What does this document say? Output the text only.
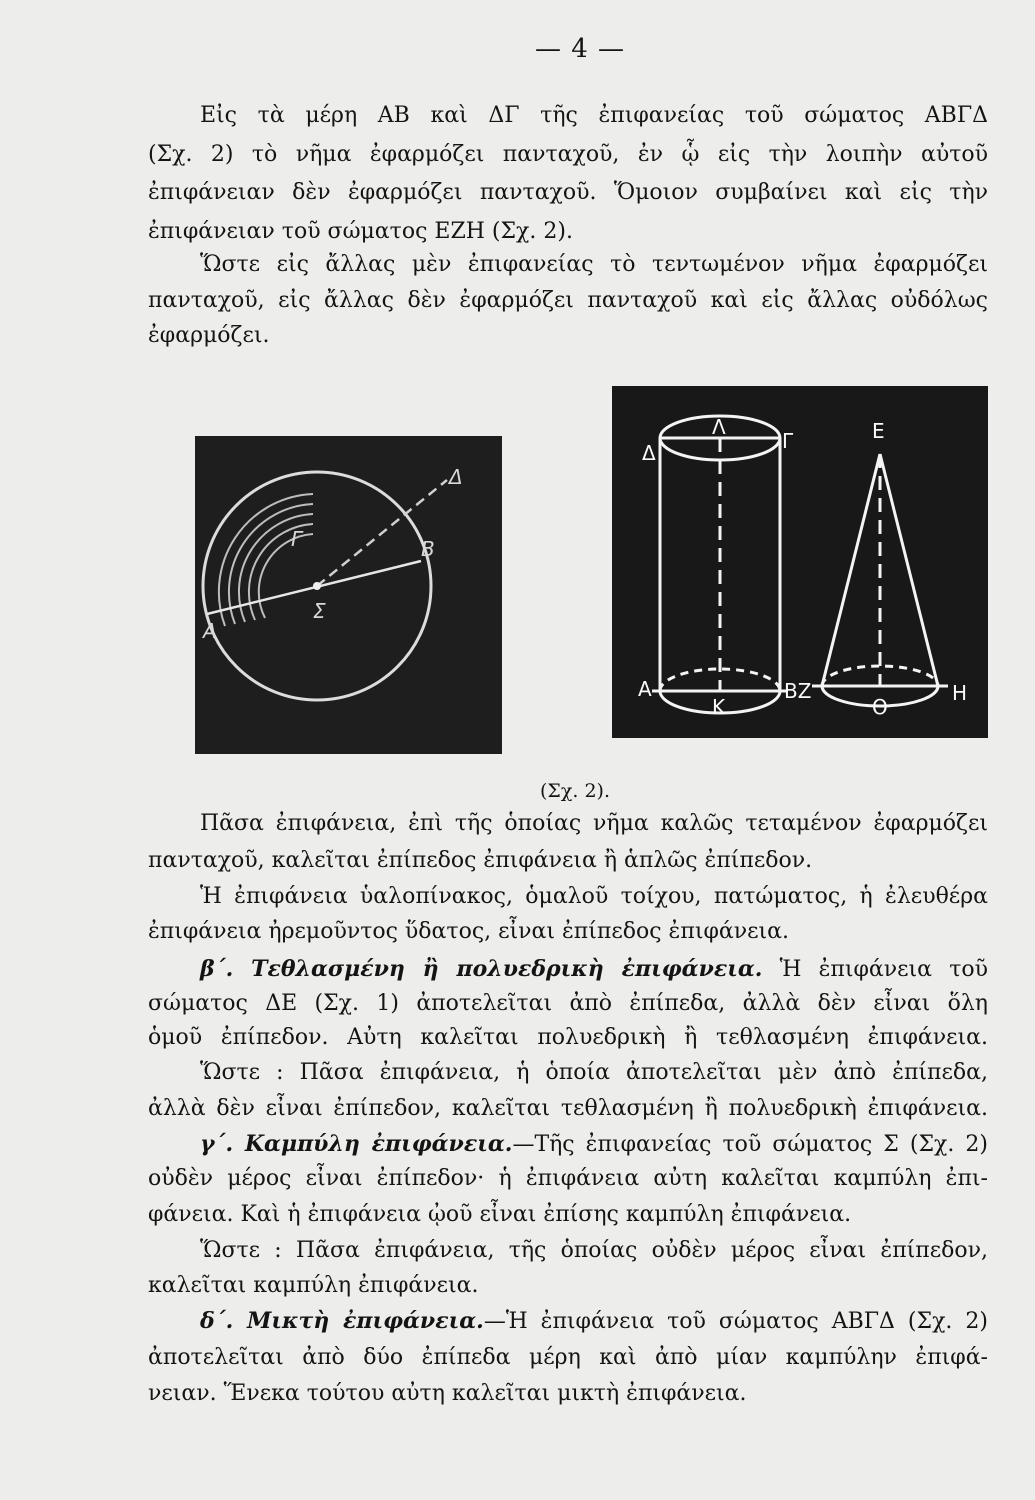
— 4 —
Εἰς τὰ μέρη ΑΒ καὶ ΔΓ τῆς ἐπιφανείας τοῦ σώματος ΑΒΓΔ
(Σχ. 2) τὸ νῆμα ἐφαρμόζει πανταχοῦ, ἐν ᾧ εἰς τὴν λοιπὴν αὐτοῦ
ἐπιφάνειαν δὲν ἐφαρμόζει πανταχοῦ. Ὅμοιον συμβαίνει καὶ εἰς τὴν
ἐπιφάνειαν τοῦ σώματος ΕΖΗ (Σχ. 2).
Ὥστε εἰς ἄλλας μὲν ἐπιφανείας τὸ τεντωμένον νῆμα ἐφαρμόζει
πανταχοῦ, εἰς ἄλλας δὲν ἐφαρμόζει πανταχοῦ καὶ εἰς ἄλλας οὐδόλως
ἐφαρμόζει.
Α
Β
Γ
Δ
Σ
Δ
Λ
Γ	Ε
Α
Κ
ΒΖ
Ο
Η
(Σχ. 2).
Πᾶσα ἐπιφάνεια, ἐπὶ τῆς ὁποίας νῆμα καλῶς τεταμένον ἐφαρμόζει
πανταχοῦ, καλεῖται ἐπίπεδος ἐπιφάνεια ἢ ἁπλῶς ἐπίπεδον.
Ἡ ἐπιφάνεια ὑαλοπίνακος, ὁμαλοῦ τοίχου, πατώματος, ἡ ἐλευθέρα
ἐπιφάνεια ἠρεμοῦντος ὕδατος, εἶναι ἐπίπεδος ἐπιφάνεια.
β΄. Τεθλασμένη ἢ πολυεδρικὴ ἐπιφάνεια. Ἡ ἐπιφάνεια τοῦ
σώματος ΔΕ (Σχ. 1) ἀποτελεῖται ἀπὸ ἐπίπεδα, ἀλλὰ δὲν εἶναι ὅλη
ὁμοῦ ἐπίπεδον. Αὐτη καλεῖται πολυεδρικὴ ἢ τεθλασμένη ἐπιφάνεια.
Ὥστε : Πᾶσα ἐπιφάνεια, ἡ ὁποία ἀποτελεῖται μὲν ἀπὸ ἐπίπεδα,
ἀλλὰ δὲν εἶναι ἐπίπεδον, καλεῖται τεθλασμένη ἢ πολυεδρικὴ ἐπιφάνεια.
γ΄. Καμπύλη ἐπιφάνεια.—Τῆς ἐπιφανείας τοῦ σώματος Σ (Σχ. 2)
οὐδὲν μέρος εἶναι ἐπίπεδον· ἡ ἐπιφάνεια αὐτη καλεῖται καμπύλη ἐπι-
φάνεια. Καὶ ἡ ἐπιφάνεια ᾠοῦ εἶναι ἐπίσης καμπύλη ἐπιφάνεια.
Ὥστε : Πᾶσα ἐπιφάνεια, τῆς ὁποίας οὐδὲν μέρος εἶναι ἐπίπεδον,
καλεῖται καμπύλη ἐπιφάνεια.
δ΄. Μικτὴ ἐπιφάνεια.—Ἡ ἐπιφάνεια τοῦ σώματος ΑΒΓΔ (Σχ. 2)
ἀποτελεῖται ἀπὸ δύο ἐπίπεδα μέρη καὶ ἀπὸ μίαν καμπύλην ἐπιφά-
νειαν. Ἕνεκα τούτου αὐτη καλεῖται μικτὴ ἐπιφάνεια.
